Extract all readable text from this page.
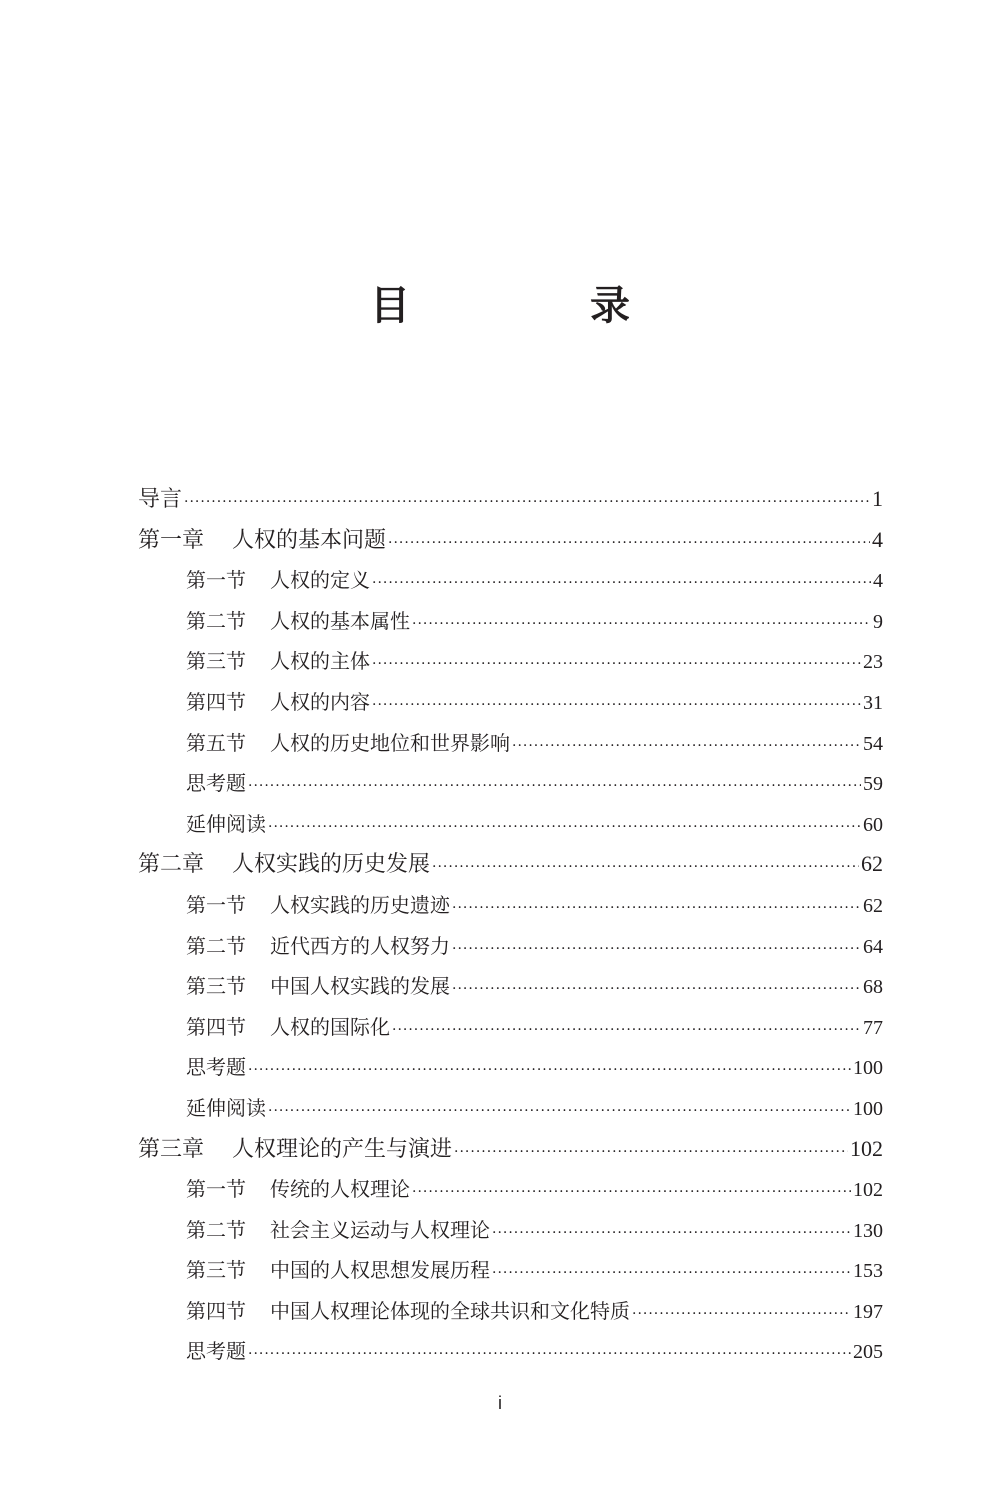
目　录
导言 ·····	1
第一章 人权的基本问题 ·····	4
第一节 人权的定义 ·····	4
第二节 人权的基本属性 ·····	9
第三节 人权的主体 ·····	23
第四节 人权的内容 ·····	31
第五节 人权的历史地位和世界影响 ·····	54
思考题 ·····	59
延伸阅读 ·····	60
第二章 人权实践的历史发展 ·····	62
第一节 人权实践的历史遗迹 ·····	62
第二节 近代西方的人权努力 ·····	64
第三节 中国人权实践的发展 ·····	68
第四节 人权的国际化 ·····	77
思考题 ·····	100
延伸阅读 ·····	100
第三章 人权理论的产生与演进 ·····	102
第一节 传统的人权理论 ·····	102
第二节 社会主义运动与人权理论 ·····	130
第三节 中国的人权思想发展历程 ·····	153
第四节 中国人权理论体现的全球共识和文化特质 ·····	197
思考题 ·····	205
i
